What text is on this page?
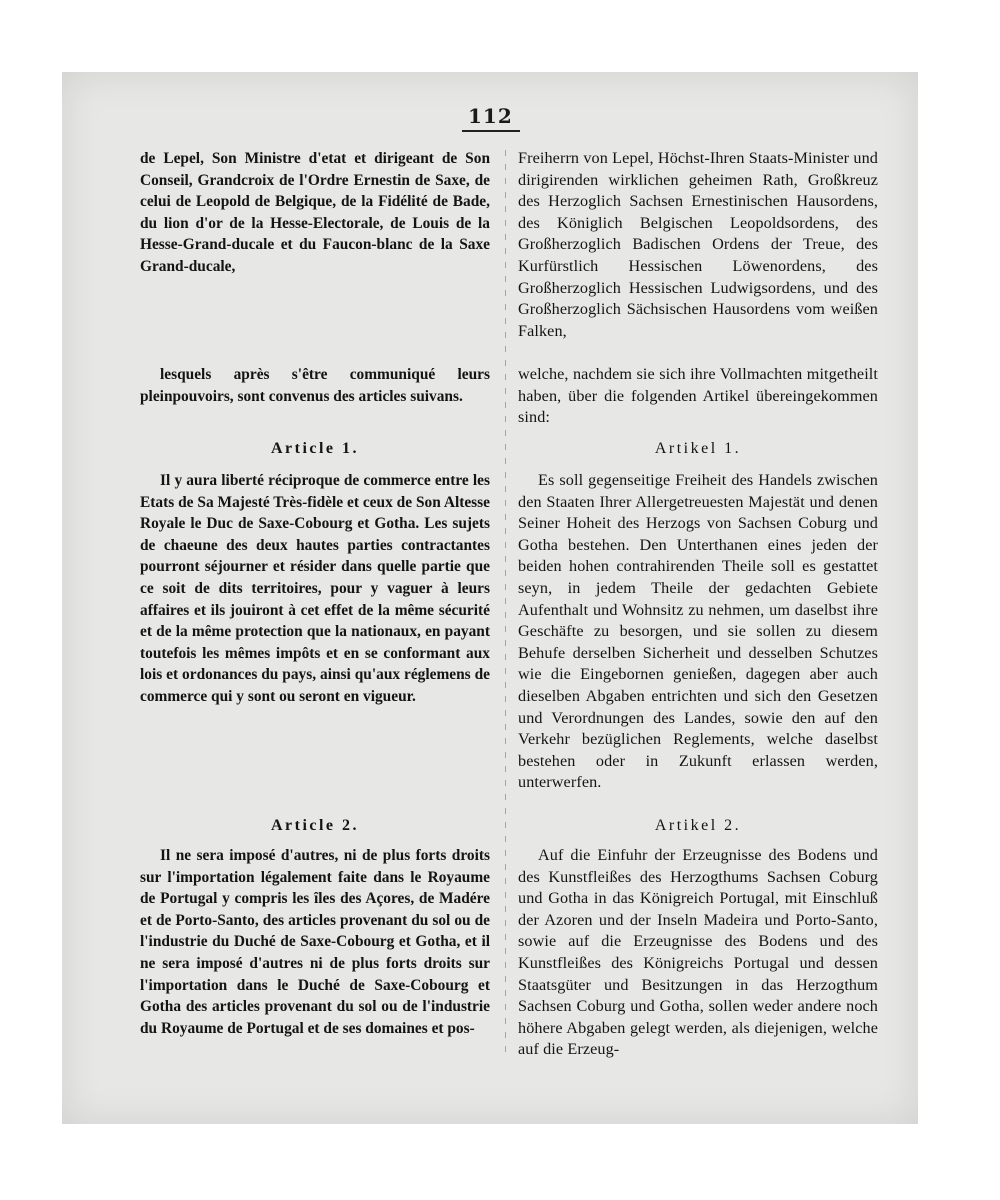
112

de Lepel, Son Ministre d'etat et dirigeant de Son Conseil, Grandcroix de l'Ordre Ernestin de Saxe, de celui de Leopold de Belgique, de la Fidélité de Bade, du lion d'or de la Hesse-Electorale, de Louis de la Hesse-Grand-ducale et du Faucon-blanc de la Saxe Grand-ducale,

lesquels après s'être communiqué leurs pleinpouvoirs, sont convenus des articles suivans.

Article 1.

Il y aura liberté réciproque de commerce entre les Etats de Sa Majesté Très-fidèle et ceux de Son Altesse Royale le Duc de Saxe-Cobourg et Gotha. Les sujets de chaeune des deux hautes parties contractantes pourront séjourner et résider dans quelle partie que ce soit de dits territoires, pour y vaguer à leurs affaires et ils jouiront à cet effet de la même sécurité et de la même protection que la nationaux, en payant toutefois les mêmes impôts et en se conformant aux lois et ordonances du pays, ainsi qu'aux réglemens de commerce qui y sont ou seront en vigueur.

Article 2.

Il ne sera imposé d'autres, ni de plus forts droits sur l'importation légalement faite dans le Royaume de Portugal y compris les îles des Açores, de Madére et de Porto-Santo, des articles provenant du sol ou de l'industrie du Duché de Saxe-Cobourg et Gotha, et il ne sera imposé d'autres ni de plus forts droits sur l'importation dans le Duché de Saxe-Cobourg et Gotha des articles provenant du sol ou de l'industrie du Royaume de Portugal et de ses domaines et pos-

Freiherrn von Lepel, Höchst-Ihren Staats-Minister und dirigirenden wirklichen geheimen Rath, Großkreuz des Herzoglich Sachsen Ernestinischen Hausordens, des Königlich Belgischen Leopoldsordens, des Großherzoglich Badischen Ordens der Treue, des Kurfürstlich Hessischen Löwenordens, des Großherzoglich Hessischen Ludwigsordens, und des Großherzoglich Sächsischen Hausordens vom weißen Falken,

welche, nachdem sie sich ihre Vollmachten mitgetheilt haben, über die folgenden Artikel übereingekommen sind:

Artikel 1.

Es soll gegenseitige Freiheit des Handels zwischen den Staaten Ihrer Allergetreuesten Majestät und denen Seiner Hoheit des Herzogs von Sachsen Coburg und Gotha bestehen. Den Unterthanen eines jeden der beiden hohen contrahirenden Theile soll es gestattet seyn, in jedem Theile der gedachten Gebiete Aufenthalt und Wohnsitz zu nehmen, um daselbst ihre Geschäfte zu besorgen, und sie sollen zu diesem Behufe derselben Sicherheit und desselben Schutzes wie die Eingebornen genießen, dagegen aber auch dieselben Abgaben entrichten und sich den Gesetzen und Verordnungen des Landes, sowie den auf den Verkehr bezüglichen Reglements, welche daselbst bestehen oder in Zukunft erlassen werden, unterwerfen.

Artikel 2.

Auf die Einfuhr der Erzeugnisse des Bodens und des Kunstfleißes des Herzogthums Sachsen Coburg und Gotha in das Königreich Portugal, mit Einschluß der Azoren und der Inseln Madeira und Porto-Santo, sowie auf die Erzeugnisse des Bodens und des Kunstfleißes des Königreichs Portugal und dessen Staatsgüter und Besitzungen in das Herzogthum Sachsen Coburg und Gotha, sollen weder andere noch höhere Abgaben gelegt werden, als diejenigen, welche auf die Erzeug-
